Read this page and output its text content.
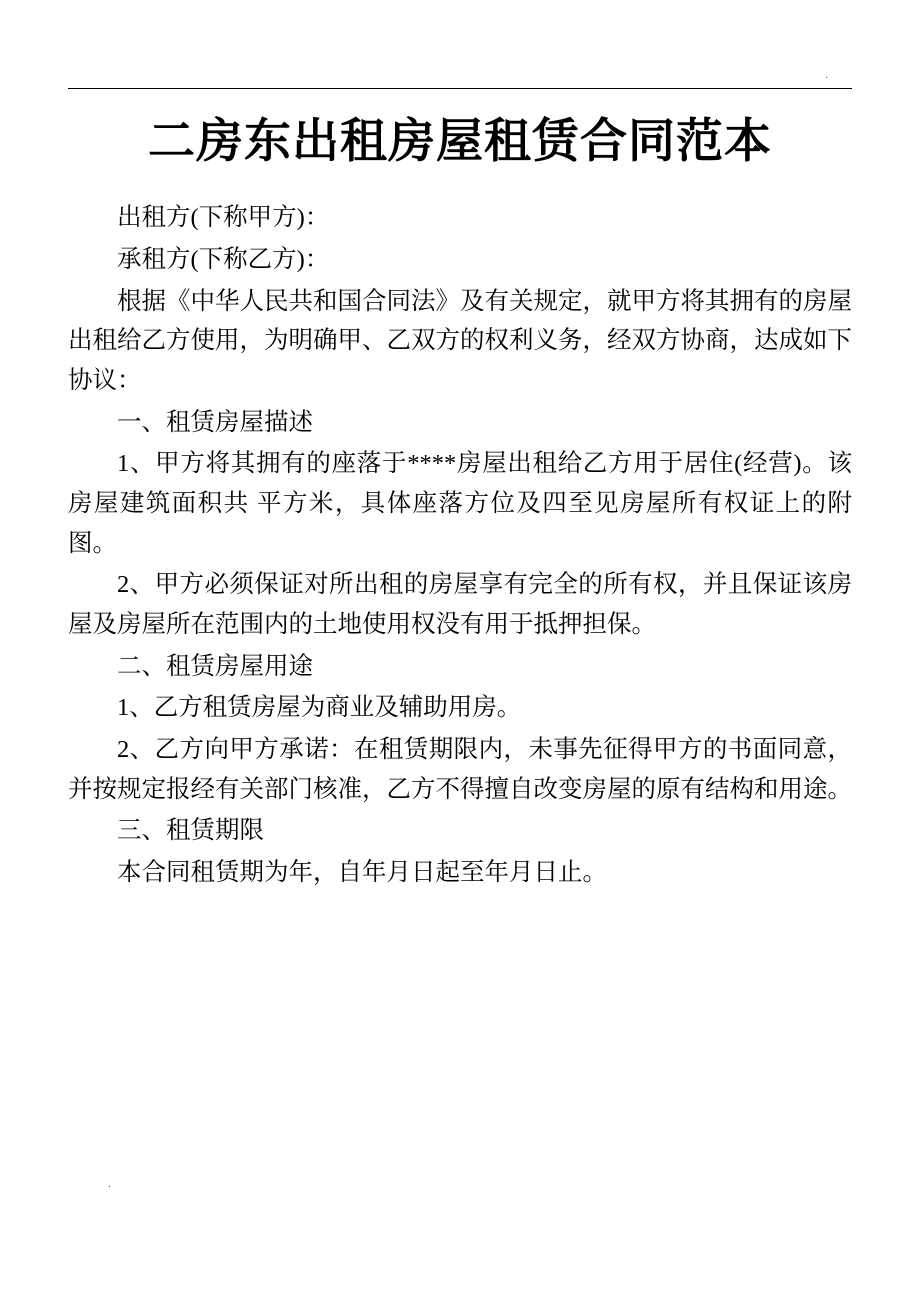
.
二房东出租房屋租赁合同范本

出租方(下称甲方)：

承租方(下称乙方)：

根据《中华人民共和国合同法》及有关规定，就甲方将其拥有的房屋出租给乙方使用，为明确甲、乙双方的权利义务，经双方协商，达成如下协议：

一、租赁房屋描述

1、甲方将其拥有的座落于****房屋出租给乙方用于居住(经营)。该房屋建筑面积共 平方米，具体座落方位及四至见房屋所有权证上的附图。

2、甲方必须保证对所出租的房屋享有完全的所有权，并且保证该房屋及房屋所在范围内的土地使用权没有用于抵押担保。

二、租赁房屋用途

1、乙方租赁房屋为商业及辅助用房。

2、乙方向甲方承诺：在租赁期限内，未事先征得甲方的书面同意，并按规定报经有关部门核准，乙方不得擅自改变房屋的原有结构和用途。

三、租赁期限

本合同租赁期为年，自年月日起至年月日止。

.
